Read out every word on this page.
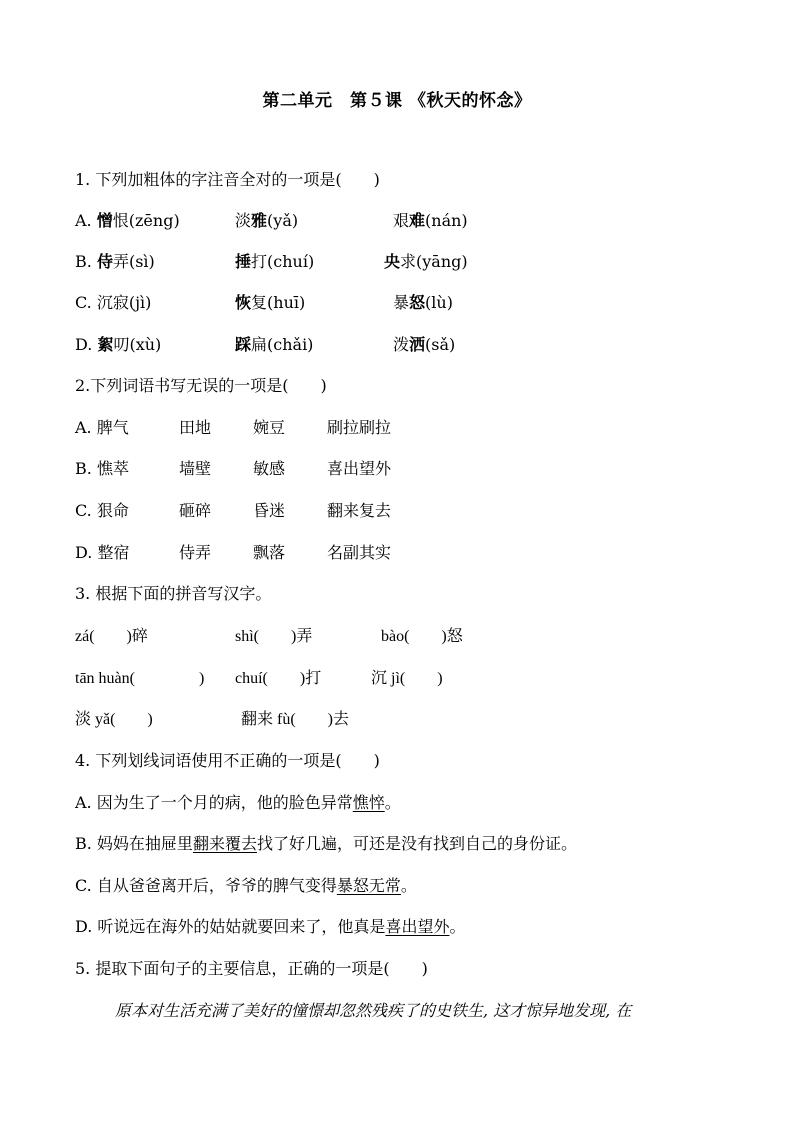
第二单元　第５课 《秋天的怀念》
1. 下列加粗体的字注音全对的一项是(　　)
A. 憎恨(zēng)	淡雅(yǎ)	艰难(nán)
B. 侍弄(sì)	捶打(chuí)	央求(yāng)
C. 沉寂(jì)	恢复(huī)	暴怒(lù)
D. 絮叨(xù)	踩扁(chǎi)	泼洒(sǎ)
2.下列词语书写无误的一项是(　　)
A. 脾气	田地	婉豆	刷拉刷拉
B. 憔萃	墙壁	敏感	喜出望外
C. 狠命	砸碎	昏迷	翻来复去
D. 整宿	侍弄	飘落	名副其实
3. 根据下面的拼音写汉字。
zá(　　)碎	shì(　　)弄	bào(　　)怒
tān huàn(　　　　) chuí(　　)打	沉 jì(　　)
淡 yǎ(　　)	翻来 fù(　　)去
4. 下列划线词语使用不正确的一项是(　　)
A. 因为生了一个月的病，他的脸色异常憔悴。
B. 妈妈在抽屉里翻来覆去找了好几遍，可还是没有找到自己的身份证。
C. 自从爸爸离开后，爷爷的脾气变得暴怒无常。
D. 听说远在海外的姑姑就要回来了，他真是喜出望外。
5. 提取下面句子的主要信息，正确的一项是(　　)
原本对生活充满了美好的憧憬却忽然残疾了的史铁生, 这才惊异地发现, 在
